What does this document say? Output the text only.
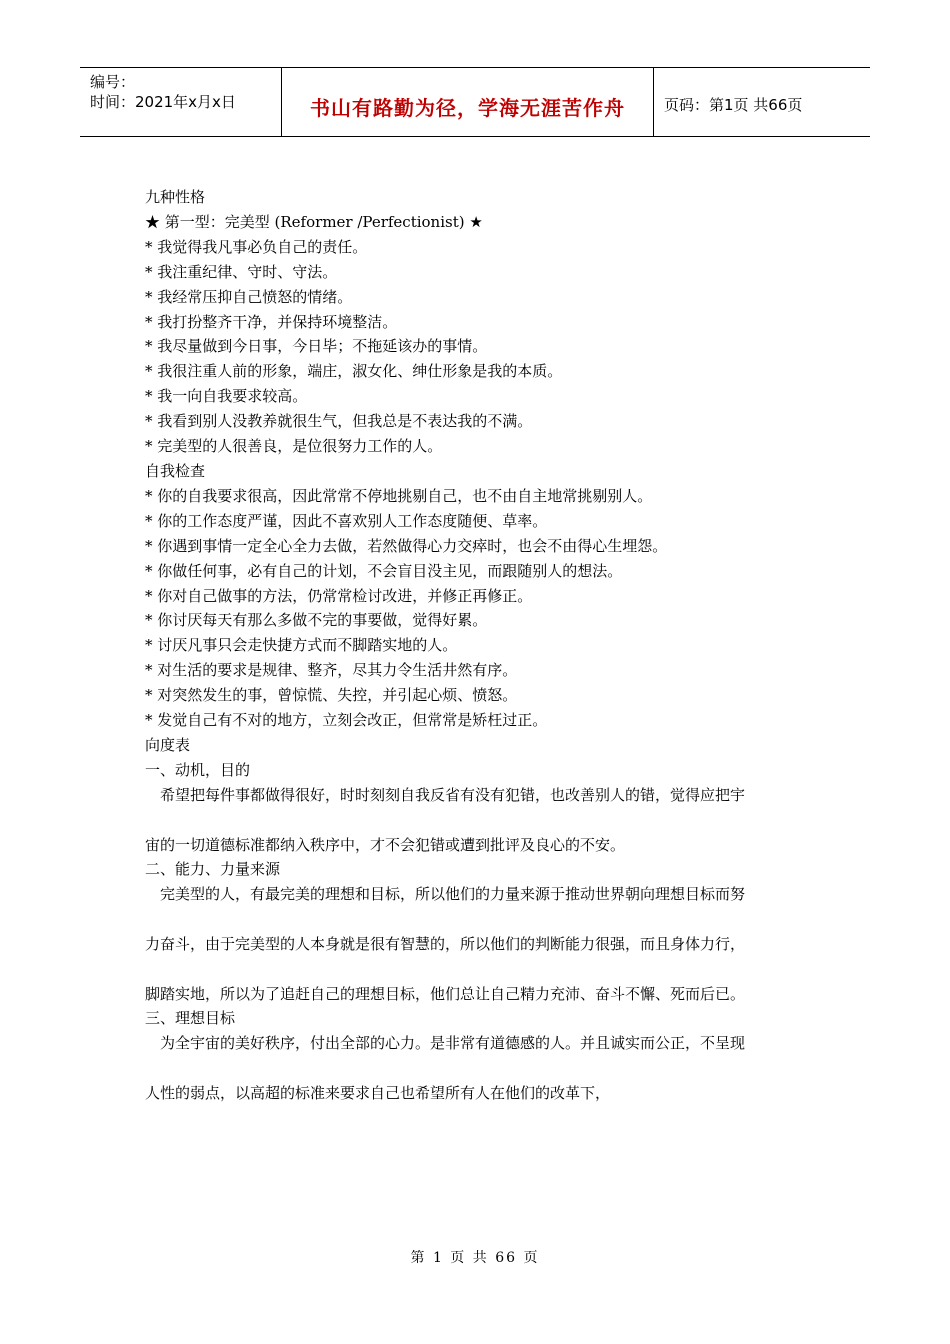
编号：
时间：2021年x月x日	书山有路勤为径，学海无涯苦作舟	页码：第1页 共66页
九种性格
★ 第一型：完美型 (Reformer /Perfectionist) ★
* 我觉得我凡事必负自己的责任。
* 我注重纪律、守时、守法。
* 我经常压抑自己愤怒的情绪。
* 我打扮整齐干净，并保持环境整洁。
* 我尽量做到今日事，今日毕；不拖延该办的事情。
* 我很注重人前的形象，端庄，淑女化、绅仕形象是我的本质。
* 我一向自我要求较高。
* 我看到别人没教养就很生气，但我总是不表达我的不满。
* 完美型的人很善良，是位很努力工作的人。
自我检查
* 你的自我要求很高，因此常常不停地挑剔自己，也不由自主地常挑剔别人。
* 你的工作态度严谨，因此不喜欢别人工作态度随便、草率。
* 你遇到事情一定全心全力去做，若然做得心力交瘁时，也会不由得心生埋怨。
* 你做任何事，必有自己的计划，不会盲目没主见，而跟随别人的想法。
* 你对自己做事的方法，仍常常检讨改进，并修正再修正。
* 你讨厌每天有那么多做不完的事要做，觉得好累。
* 讨厌凡事只会走快捷方式而不脚踏实地的人。
* 对生活的要求是规律、整齐，尽其力令生活井然有序。
* 对突然发生的事，曾惊慌、失控，并引起心烦、愤怒。
* 发觉自己有不对的地方，立刻会改正，但常常是矫枉过正。
向度表
一、动机，目的
希望把每件事都做得很好，时时刻刻自我反省有没有犯错，也改善别人的错，觉得应把宇宙的一切道德标准都纳入秩序中，才不会犯错或遭到批评及良心的不安。
二、能力、力量来源
完美型的人，有最完美的理想和目标，所以他们的力量来源于推动世界朝向理想目标而努力奋斗，由于完美型的人本身就是很有智慧的，所以他们的判断能力很强，而且身体力行，脚踏实地，所以为了追赶自己的理想目标，他们总让自己精力充沛、奋斗不懈、死而后已。
三、理想目标
为全宇宙的美好秩序，付出全部的心力。是非常有道德感的人。并且诚实而公正，不呈现人性的弱点，以高超的标准来要求自己也希望所有人在他们的改革下，
第 1 页 共 66 页
